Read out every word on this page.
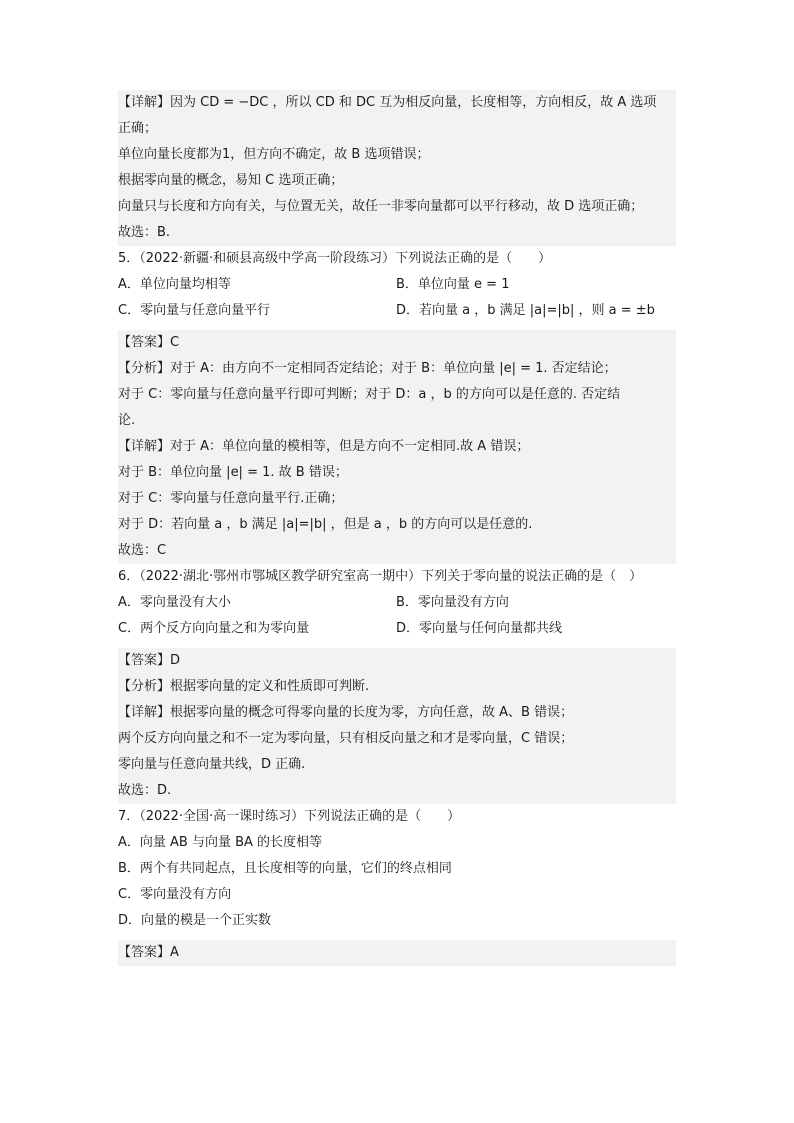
【详解】因为 CD = −DC ，所以 CD 和 DC 互为相反向量，长度相等，方向相反，故 A 选项
正确；
单位向量长度都为1，但方向不确定，故 B 选项错误；
根据零向量的概念，易知 C 选项正确；
向量只与长度和方向有关，与位置无关，故任一非零向量都可以平行移动，故 D 选项正确；
故选：B.
5．（2022·新疆·和硕县高级中学高一阶段练习）下列说法正确的是（　　）
A．单位向量均相等	B．单位向量 e = 1
C．零向量与任意向量平行	D．若向量 a ，b 满足 |a|=|b| ，则 a = ±b
【答案】C
【分析】对于 A：由方向不一定相同否定结论；对于 B：单位向量 |e| = 1. 否定结论；
对于 C：零向量与任意向量平行即可判断；对于 D：a ，b 的方向可以是任意的. 否定结
论.
【详解】对于 A：单位向量的模相等，但是方向不一定相同.故 A 错误；
对于 B：单位向量 |e| = 1. 故 B 错误；
对于 C：零向量与任意向量平行.正确；
对于 D：若向量 a ，b 满足 |a|=|b| ，但是 a ，b 的方向可以是任意的.
故选：C
6．（2022·湖北·鄂州市鄂城区教学研究室高一期中）下列关于零向量的说法正确的是（　）
A．零向量没有大小	B．零向量没有方向
C．两个反方向向量之和为零向量	D．零向量与任何向量都共线
【答案】D
【分析】根据零向量的定义和性质即可判断.
【详解】根据零向量的概念可得零向量的长度为零，方向任意，故 A、B 错误；
两个反方向向量之和不一定为零向量，只有相反向量之和才是零向量，C 错误；
零向量与任意向量共线，D 正确.
故选：D.
7．（2022·全国·高一课时练习）下列说法正确的是（　　）
A．向量 AB 与向量 BA 的长度相等
B．两个有共同起点，且长度相等的向量，它们的终点相同
C．零向量没有方向
D．向量的模是一个正实数
【答案】A
